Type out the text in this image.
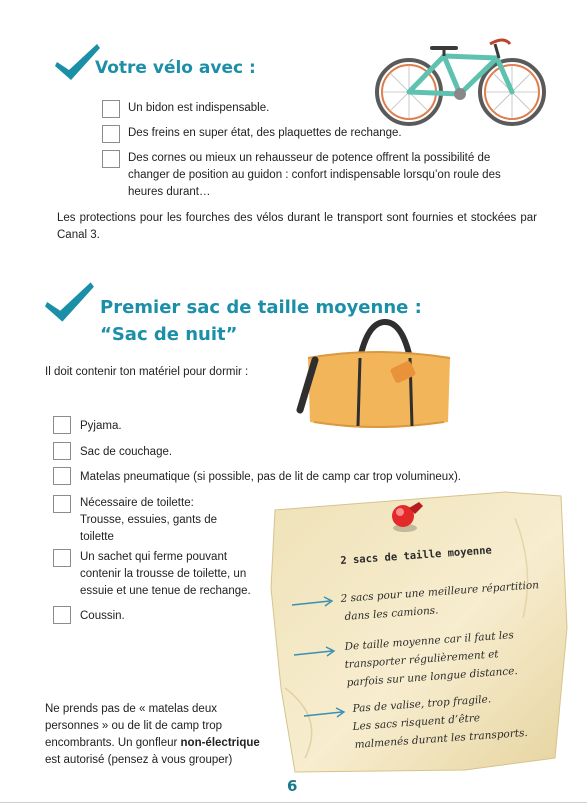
Votre vélo avec :
Un bidon est indispensable.
Des freins en super état, des plaquettes de rechange.
Des cornes ou mieux un rehausseur de potence offrent la possibilité de changer de position au guidon : confort indispensable lorsqu’on roule des heures durant…
Les protections pour les fourches des vélos durant le transport sont fournies et stockées par Canal 3.
Premier sac de taille moyenne :
“Sac de nuit”
Il doit contenir ton matériel pour dormir :
Pyjama.
Sac de couchage.
Matelas pneumatique (si possible, pas de lit de camp car trop volumineux).
Nécessaire de toilette: Trousse, essuies, gants de toilette
Un sachet qui ferme pouvant contenir la trousse de toilette, un essuie et une tenue de rechange.
Coussin.
Ne prends pas de « matelas deux personnes » ou de lit de camp trop encombrants. Un gonfleur non-électrique est autorisé (pensez à vous grouper)
2 sacs de taille moyenne
2 sacs pour une meilleure répartition
dans les camions.
De taille moyenne car il faut les
transporter régulièrement et
parfois sur une longue distance.
Pas de valise, trop fragile.
Les sacs risquent d’être
malmenés durant les transports.
6
